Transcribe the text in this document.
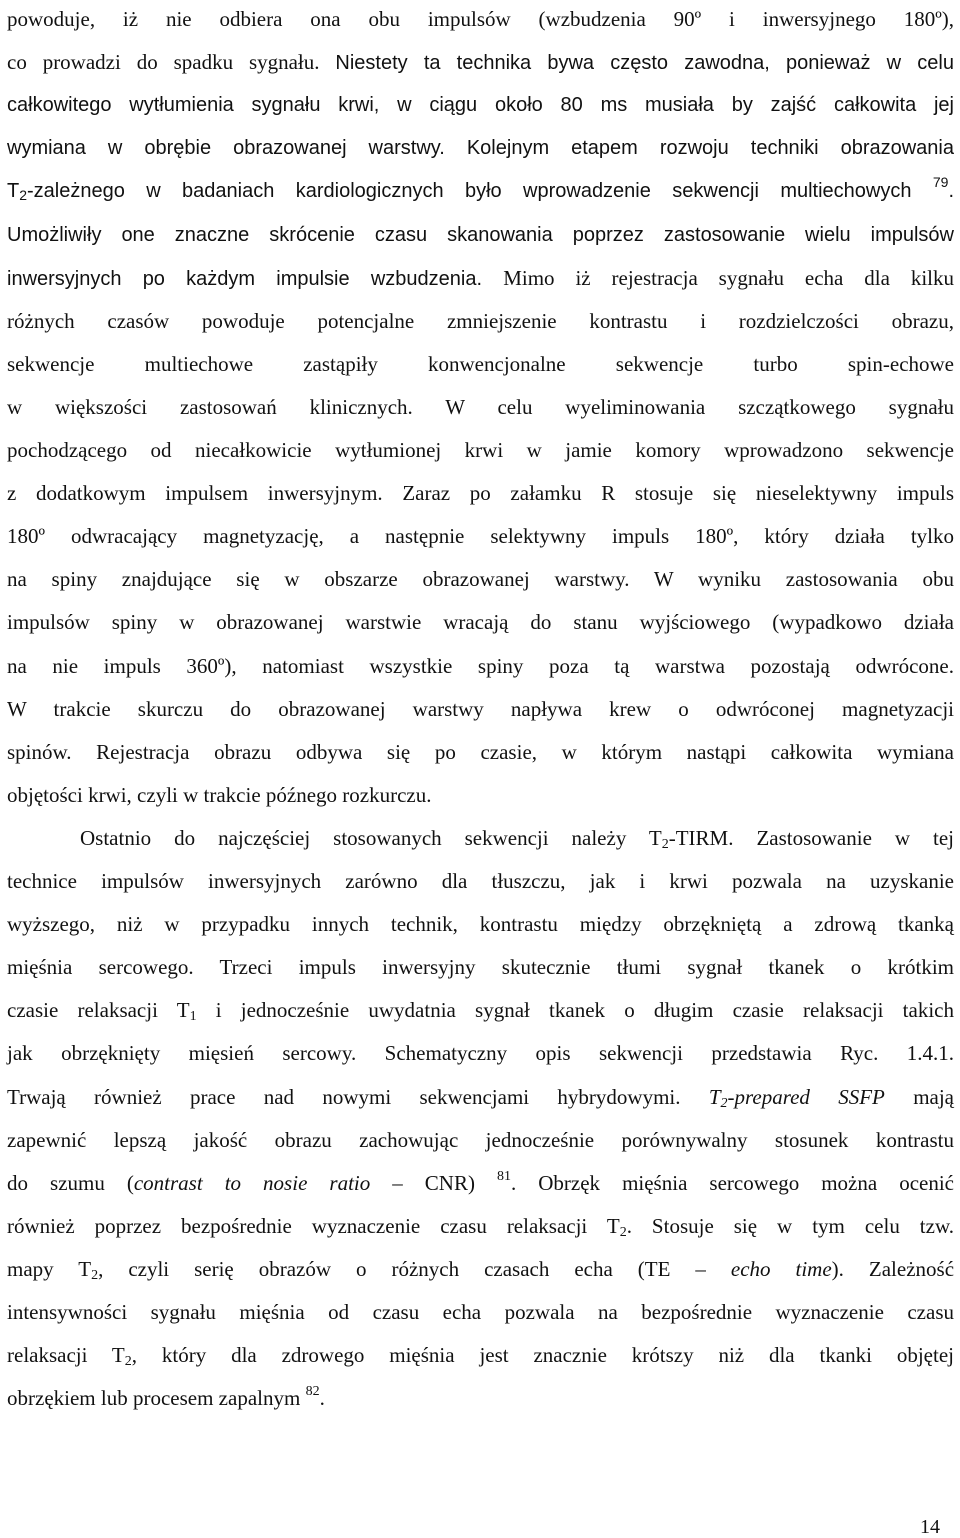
powoduje, iż nie odbiera ona obu impulsów (wzbudzenia 90º i inwersyjnego 180º),
co prowadzi do spadku sygnału. Niestety ta technika bywa często zawodna, ponieważ w celu
całkowitego wytłumienia sygnału krwi, w ciągu około 80 ms musiała by zajść całkowita jej
wymiana w obrębie obrazowanej warstwy. Kolejnym etapem rozwoju techniki obrazowania
$T_2$-zależnego w badaniach kardiologicznych było wprowadzenie sekwencji multiechowych $^{79}$.
Umożliwiły one znaczne skrócenie czasu skanowania poprzez zastosowanie wielu impulsów
inwersyjnych po każdym impulsie wzbudzenia. Mimo iż rejestracja sygnału echa dla kilku
różnych czasów powoduje potencjalne zmniejszenie kontrastu i rozdzielczości obrazu,
sekwencje multiechowe zastąpiły konwencjonalne sekwencje turbo spin-echowe
w większości zastosowań klinicznych. W celu wyeliminowania szczątkowego sygnału
pochodzącego od niecałkowicie wytłumionej krwi w jamie komory wprowadzono sekwencje
z dodatkowym impulsem inwersyjnym. Zaraz po załamku R stosuje się nieselektywny impuls
180º odwracający magnetyzację, a następnie selektywny impuls 180º, który działa tylko
na spiny znajdujące się w obszarze obrazowanej warstwy. W wyniku zastosowania obu
impulsów spiny w obrazowanej warstwie wracają do stanu wyjściowego (wypadkowo działa
na nie impuls 360º), natomiast wszystkie spiny poza tą warstwa pozostają odwrócone.
W trakcie skurczu do obrazowanej warstwy napływa krew o odwróconej magnetyzacji
spinów. Rejestracja obrazu odbywa się po czasie, w którym nastąpi całkowita wymiana
objętości krwi, czyli w trakcie późnego rozkurczu.
Ostatnio do najczęściej stosowanych sekwencji należy $T_2$-TIRM. Zastosowanie w tej
technice impulsów inwersyjnych zarówno dla tłuszczu, jak i krwi pozwala na uzyskanie
wyższego, niż w przypadku innych technik, kontrastu między obrzękniętą a zdrową tkanką
mięśnia sercowego. Trzeci impuls inwersyjny skutecznie tłumi sygnał tkanek o krótkim
czasie relaksacji $T_1$ i jednocześnie uwydatnia sygnał tkanek o długim czasie relaksacji takich
jak obrzęknięty mięsień sercowy. Schematyczny opis sekwencji przedstawia Ryc. 1.4.1.
Trwają również prace nad nowymi sekwencjami hybrydowymi. $T_2$-prepared SSFP mają
zapewnić lepszą jakość obrazu zachowując jednocześnie porównywalny stosunek kontrastu
do szumu (contrast to nosie ratio – CNR) $^{81}$. Obrzęk mięśnia sercowego można ocenić
również poprzez bezpośrednie wyznaczenie czasu relaksacji $T_2$. Stosuje się w tym celu tzw.
mapy $T_2$, czyli serię obrazów o różnych czasach echa (TE – echo time). Zależność
intensywności sygnału mięśnia od czasu echa pozwala na bezpośrednie wyznaczenie czasu
relaksacji $T_2$, który dla zdrowego mięśnia jest znacznie krótszy niż dla tkanki objętej
obrzękiem lub procesem zapalnym $^{82}$.
14
